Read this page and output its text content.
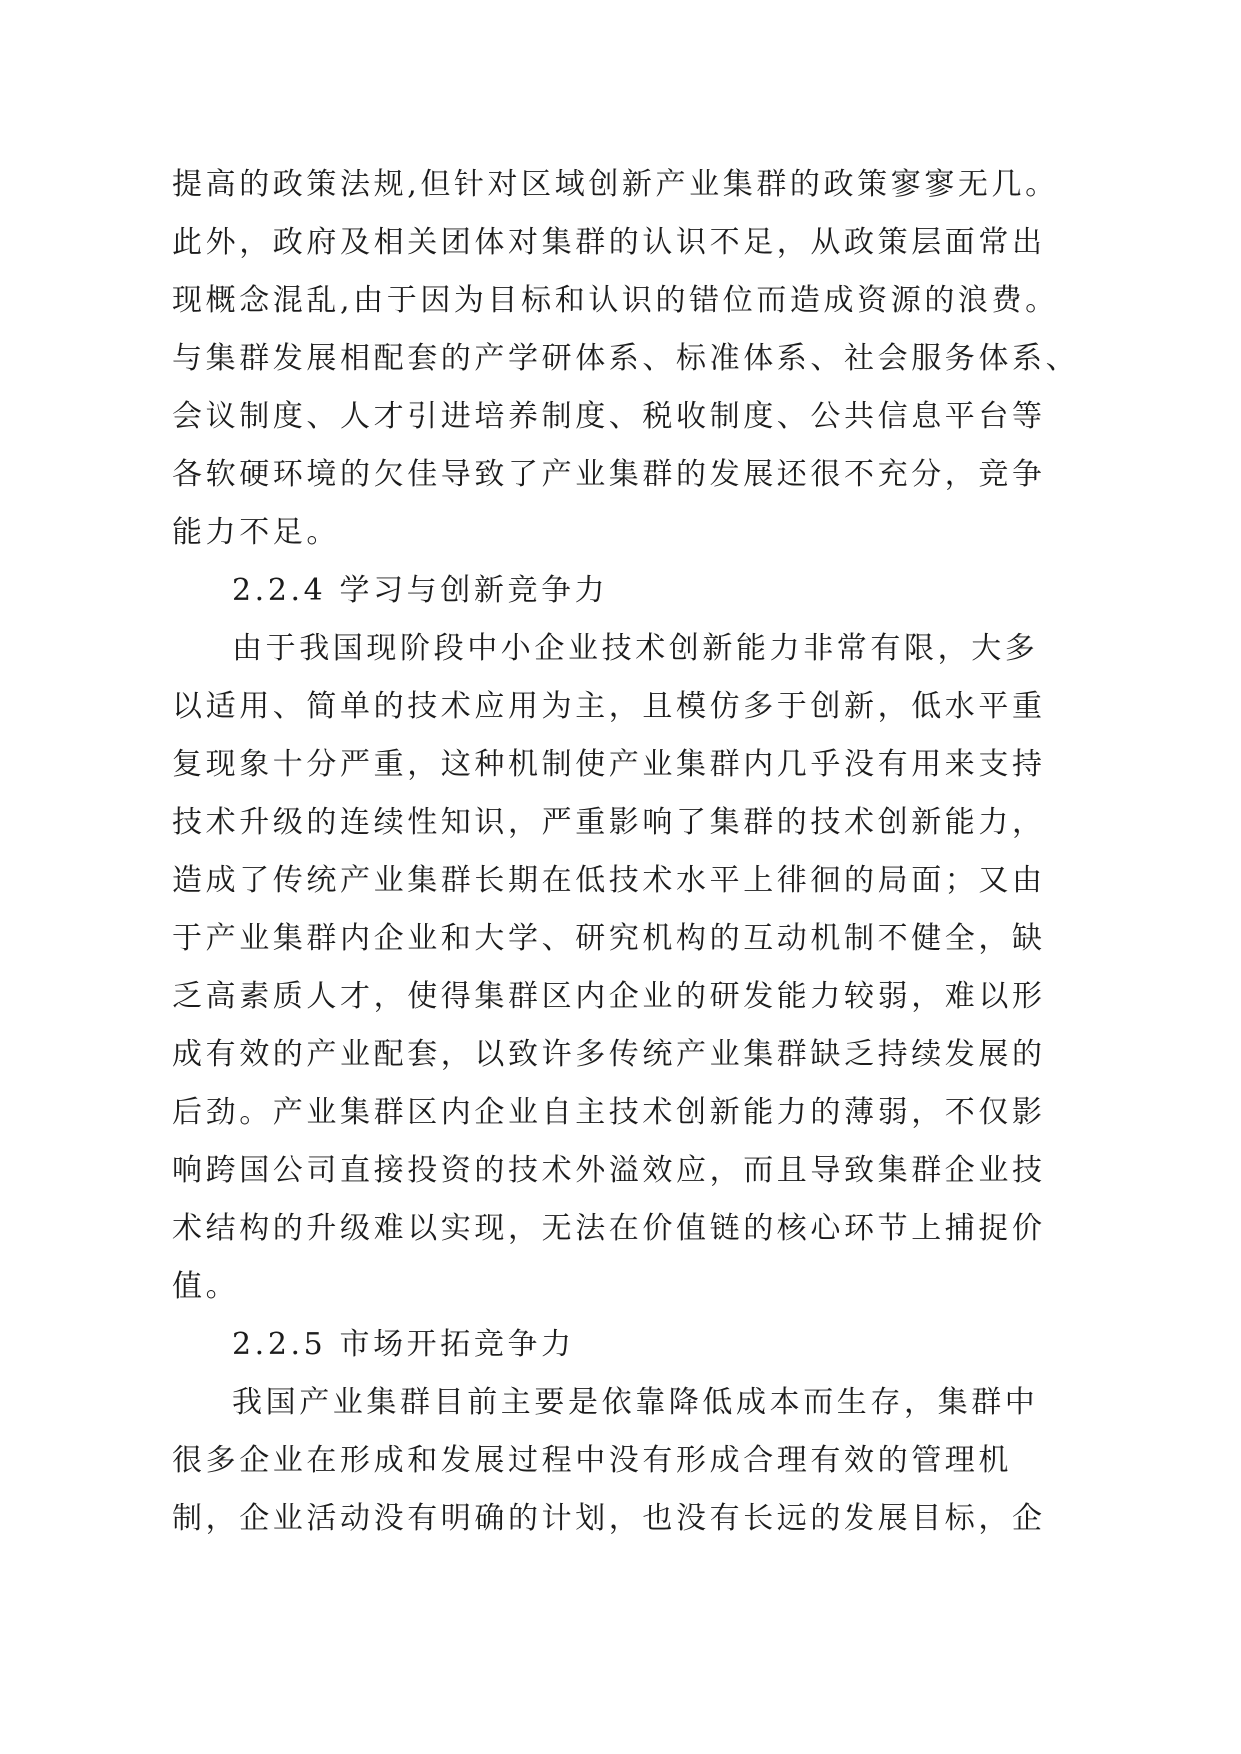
提高的政策法规,但针对区域创新产业集群的政策寥寥无几。
此外，政府及相关团体对集群的认识不足，从政策层面常出
现概念混乱,由于因为目标和认识的错位而造成资源的浪费。
与集群发展相配套的产学研体系、标准体系、社会服务体系、
会议制度、人才引进培养制度、税收制度、公共信息平台等
各软硬环境的欠佳导致了产业集群的发展还很不充分，竞争
能力不足。
2.2.4 学习与创新竞争力
由于我国现阶段中小企业技术创新能力非常有限，大多
以适用、简单的技术应用为主，且模仿多于创新，低水平重
复现象十分严重，这种机制使产业集群内几乎没有用来支持
技术升级的连续性知识，严重影响了集群的技术创新能力，
造成了传统产业集群长期在低技术水平上徘徊的局面；又由
于产业集群内企业和大学、研究机构的互动机制不健全，缺
乏高素质人才，使得集群区内企业的研发能力较弱，难以形
成有效的产业配套，以致许多传统产业集群缺乏持续发展的
后劲。产业集群区内企业自主技术创新能力的薄弱，不仅影
响跨国公司直接投资的技术外溢效应，而且导致集群企业技
术结构的升级难以实现，无法在价值链的核心环节上捕捉价
值。
2.2.5 市场开拓竞争力
我国产业集群目前主要是依靠降低成本而生存，集群中
很多企业在形成和发展过程中没有形成合理有效的管理机
制，企业活动没有明确的计划，也没有长远的发展目标，企
